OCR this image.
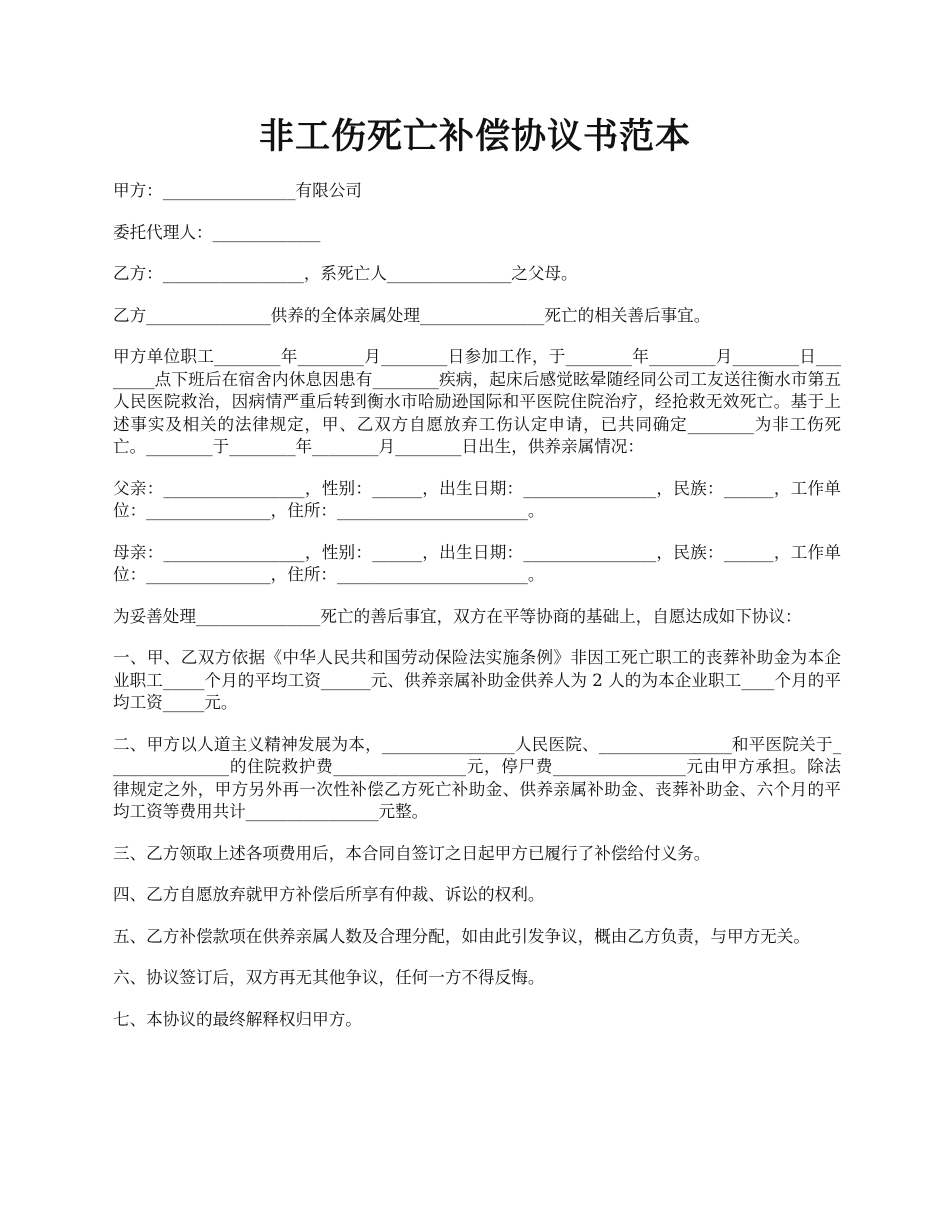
非工伤死亡补偿协议书范本

甲方：________________有限公司

委托代理人：_____________

乙方：_________________，系死亡人_______________之父母。

乙方_______________供养的全体亲属处理_______________死亡的相关善后事宜。

甲方单位职工________年________月________日参加工作，于________年________月________日________点下班后在宿舍内休息因患有________疾病，起床后感觉眩晕随经同公司工友送往衡水市第五人民医院救治，因病情严重后转到衡水市哈励逊国际和平医院住院治疗，经抢救无效死亡。基于上述事实及相关的法律规定，甲、乙双方自愿放弃工伤认定申请，已共同确定________为非工伤死亡。________于________年________月________日出生，供养亲属情况：

父亲：_________________，性别：______，出生日期：________________，民族：______，工作单位：_______________，住所：_______________________。

母亲：_________________，性别：______，出生日期：________________，民族：______，工作单位：_______________，住所：_______________________。

为妥善处理_______________死亡的善后事宜，双方在平等协商的基础上，自愿达成如下协议：

一、甲、乙双方依据《中华人民共和国劳动保险法实施条例》非因工死亡职工的丧葬补助金为本企业职工_____个月的平均工资______元、供养亲属补助金供养人为 2 人的为本企业职工____个月的平均工资_____元。

二、甲方以人道主义精神发展为本，________________人民医院、________________和平医院关于_______________的住院救护费________________元，停尸费________________元由甲方承担。除法律规定之外，甲方另外再一次性补偿乙方死亡补助金、供养亲属补助金、丧葬补助金、六个月的平均工资等费用共计________________元整。

三、乙方领取上述各项费用后，本合同自签订之日起甲方已履行了补偿给付义务。

四、乙方自愿放弃就甲方补偿后所享有仲裁、诉讼的权利。

五、乙方补偿款项在供养亲属人数及合理分配，如由此引发争议，概由乙方负责，与甲方无关。

六、协议签订后，双方再无其他争议，任何一方不得反悔。

七、本协议的最终解释权归甲方。
